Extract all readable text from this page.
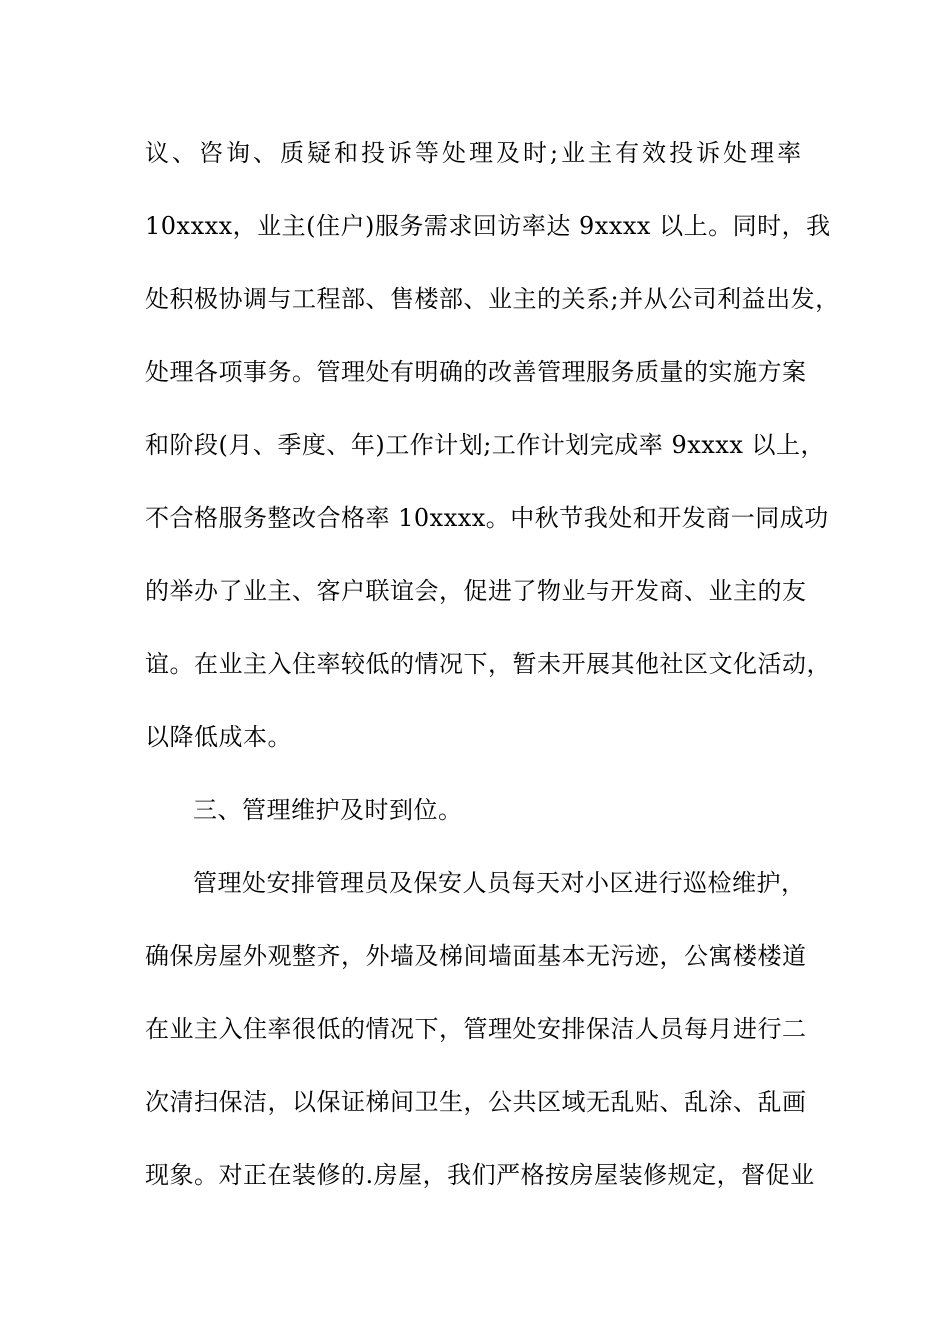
议、咨询、质疑和投诉等处理及时;业主有效投诉处理率
10xxxx，业主(住户)服务需求回访率达 9xxxx 以上。同时，我
处积极协调与工程部、售楼部、业主的关系;并从公司利益出发，
处理各项事务。管理处有明确的改善管理服务质量的实施方案
和阶段(月、季度、年)工作计划;工作计划完成率 9xxxx 以上，
不合格服务整改合格率 10xxxx。中秋节我处和开发商一同成功
的举办了业主、客户联谊会，促进了物业与开发商、业主的友
谊。在业主入住率较低的情况下，暂未开展其他社区文化活动，
以降低成本。
三、管理维护及时到位。
管理处安排管理员及保安人员每天对小区进行巡检维护，
确保房屋外观整齐，外墙及梯间墙面基本无污迹，公寓楼楼道
在业主入住率很低的情况下，管理处安排保洁人员每月进行二
次清扫保洁，以保证梯间卫生，公共区域无乱贴、乱涂、乱画
现象。对正在装修的.房屋，我们严格按房屋装修规定，督促业
